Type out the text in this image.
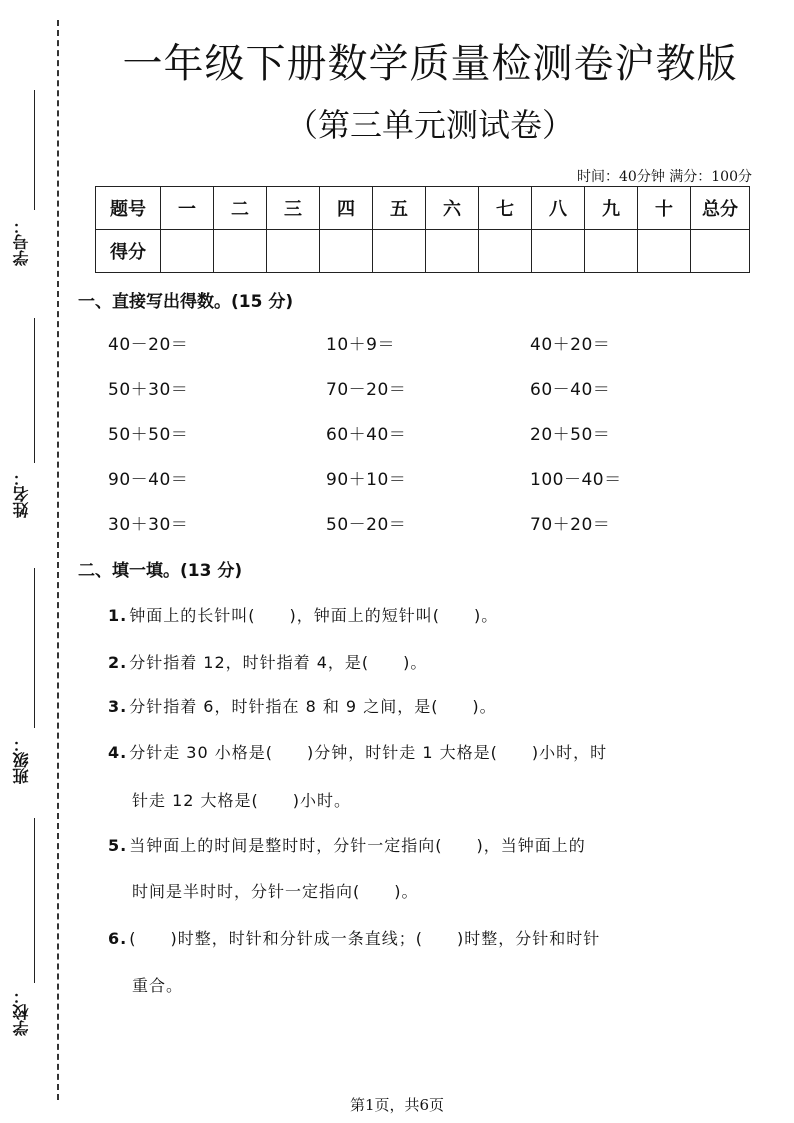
学号：
姓名：
班级：
学校：
一年级下册数学质量检测卷沪教版
（第三单元测试卷）
时间：40分钟 满分：100分
题号	一	二	三	四	五	六	七	八	九	十	总分
得分											
一、直接写出得数。(15 分)
40－20＝	10＋9＝	40＋20＝
50＋30＝	70－20＝	60－40＝
50＋50＝	60＋40＝	20＋50＝
90－40＝	90＋10＝	100－40＝
30＋30＝	50－20＝	70＋20＝
二、填一填。(13 分)
1. 钟面上的长针叫(　　)，钟面上的短针叫(　　)。
2. 分针指着 12，时针指着 4，是(　　)。
3. 分针指着 6，时针指在 8 和 9 之间，是(　　)。
4. 分针走 30 小格是(　　)分钟，时针走 1 大格是(　　)小时，时
针走 12 大格是(　　)小时。
5. 当钟面上的时间是整时时，分针一定指向(　　)，当钟面上的
时间是半时时，分针一定指向(　　)。
6. (　　)时整，时针和分针成一条直线；(　　)时整，分针和时针
重合。
第1页，共6页
